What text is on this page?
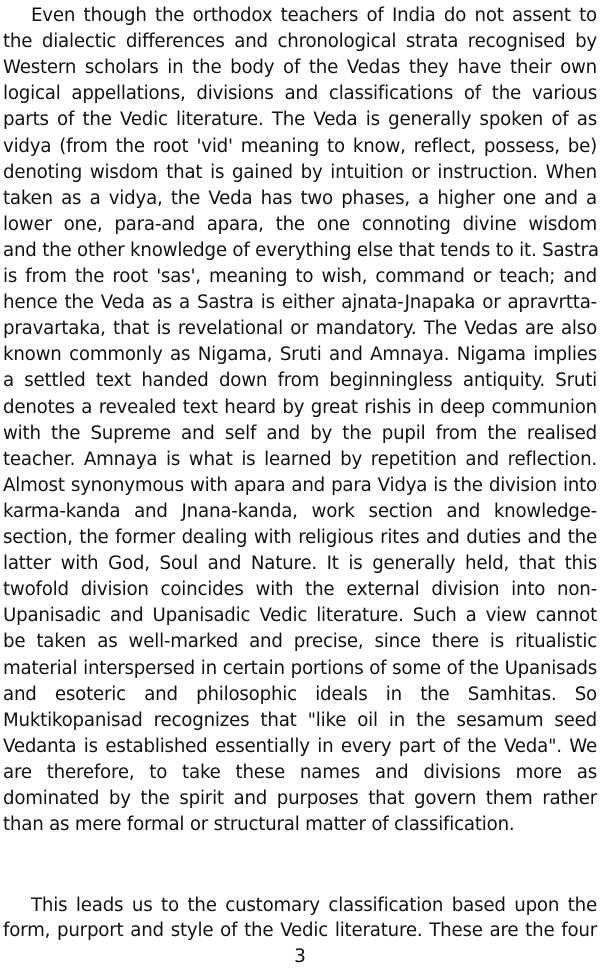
Even though the orthodox teachers of India do not assent to
the dialectic differences and chronological strata recognised by
Western scholars in the body of the Vedas they have their own
logical appellations, divisions and classifications of the various
parts of the Vedic literature. The Veda is generally spoken of as
vidya (from the root 'vid' meaning to know, reflect, possess, be)
denoting wisdom that is gained by intuition or instruction. When
taken as a vidya, the Veda has two phases, a higher one and a
lower one, para-and apara, the one connoting divine wisdom
and the other knowledge of everything else that tends to it. Sastra
is from the root 'sas', meaning to wish, command or teach; and
hence the Veda as a Sastra is either ajnata-Jnapaka or apravrtta-
pravartaka, that is revelational or mandatory. The Vedas are also
known commonly as Nigama, Sruti and Amnaya. Nigama implies
a settled text handed down from beginningless antiquity. Sruti
denotes a revealed text heard by great rishis in deep communion
with the Supreme and self and by the pupil from the realised
teacher. Amnaya is what is learned by repetition and reflection.
Almost synonymous with apara and para Vidya is the division into
karma-kanda and Jnana-kanda, work section and knowledge-
section, the former dealing with religious rites and duties and the
latter with God, Soul and Nature. It is generally held, that this
twofold division coincides with the external division into non-
Upanisadic and Upanisadic Vedic literature. Such a view cannot
be taken as well-marked and precise, since there is ritualistic
material interspersed in certain portions of some of the Upanisads
and esoteric and philosophic ideals in the Samhitas. So
Muktikopanisad recognizes that "like oil in the sesamum seed
Vedanta is established essentially in every part of the Veda". We
are therefore, to take these names and divisions more as
dominated by the spirit and purposes that govern them rather
than as mere formal or structural matter of classification.
This leads us to the customary classification based upon the
form, purport and style of the Vedic literature. These are the four
3
